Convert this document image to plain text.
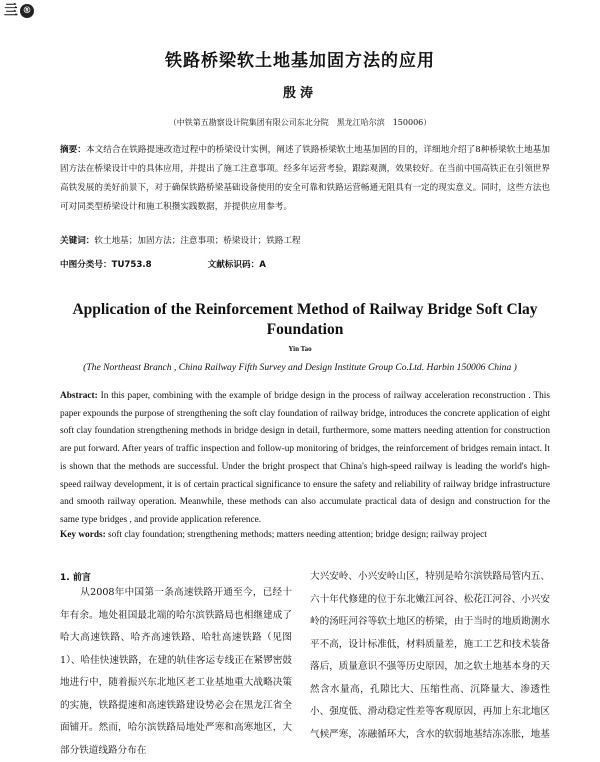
亖 ®
铁路桥梁软土地基加固方法的应用
殷涛
（中铁第五勘察设计院集团有限公司东北分院　黑龙江哈尔滨　150006）
摘要：本文结合在铁路提速改造过程中的桥梁设计实例，阐述了铁路桥梁软土地基加固的目的，详细地介绍了8种桥梁软土地基加固方法在桥梁设计中的具体应用，并提出了施工注意事项。经多年运营考验，跟踪观测，效果较好。在当前中国高铁正在引领世界高铁发展的美好前景下，对于确保铁路桥梁基础设备使用的安全可靠和铁路运营畅通无阻具有一定的现实意义。同时，这些方法也可对同类型桥梁设计和施工积攒实践数据，并提供应用参考。
关键词：软土地基；加固方法；注意事项；桥梁设计；铁路工程
中图分类号：TU753.8	文献标识码：A
Application of the Reinforcement Method of Railway Bridge Soft Clay Foundation
Yin Tao
(The Northeast Branch , China Railway Fifth Survey and Design Institute Group Co.Ltd. Harbin 150006 China )
Abstract: In this paper, combining with the example of bridge design in the process of railway acceleration reconstruction . This paper expounds the purpose of strengthening the soft clay foundation of railway bridge, introduces the concrete application of eight soft clay foundation strengthening methods in bridge design in detail, furthermore, some matters needing attention for construction are put forward. After years of traffic inspection and follow-up monitoring of bridges, the reinforcement of bridges remain intact. It is shown that the methods are successful. Under the bright prospect that China's high-speed railway is leading the world's high-speed railway development, it is of certain practical significance to ensure the safety and reliability of railway bridge infrastructure and smooth railway operation. Meanwhile, these methods can also accumulate practical data of design and construction for the same type bridges , and provide application reference.
Key words: soft clay foundation; strengthening methods; matters needing attention; bridge design; railway project
1. 前言
从2008年中国第一条高速铁路开通至今，已经十年有余。地处祖国最北端的哈尔滨铁路局也相继建成了哈大高速铁路、哈齐高速铁路、哈牡高速铁路（见图1）、哈佳快速铁路，在建的轨佳客运专线正在紧锣密鼓地进行中，随着振兴东北地区老工业基地重大战略决策的实施，铁路提速和高速铁路建设势必会在黑龙江省全面铺开。然而，哈尔滨铁路局地处严寒和高寒地区，大部分铁道线路分布在
大兴安岭、小兴安岭山区，特别是哈尔滨铁路局管内五、六十年代修建的位于东北嫩江河谷、松花江河谷、小兴安岭的汤旺河谷等软土地区的桥梁，由于当时的地质勘测水平不高，设计标准低，材料质量差，施工工艺和技术装备落后，质量意识不强等历史原因，加之软土地基本身的天然含水量高，孔隙比大、压缩性高、沉降量大、渗透性小、强度低、滑动稳定性差等客观原因，再加上东北地区气候严寒，冻融循环大，含水的软弱地基结冻冻胀，地基
